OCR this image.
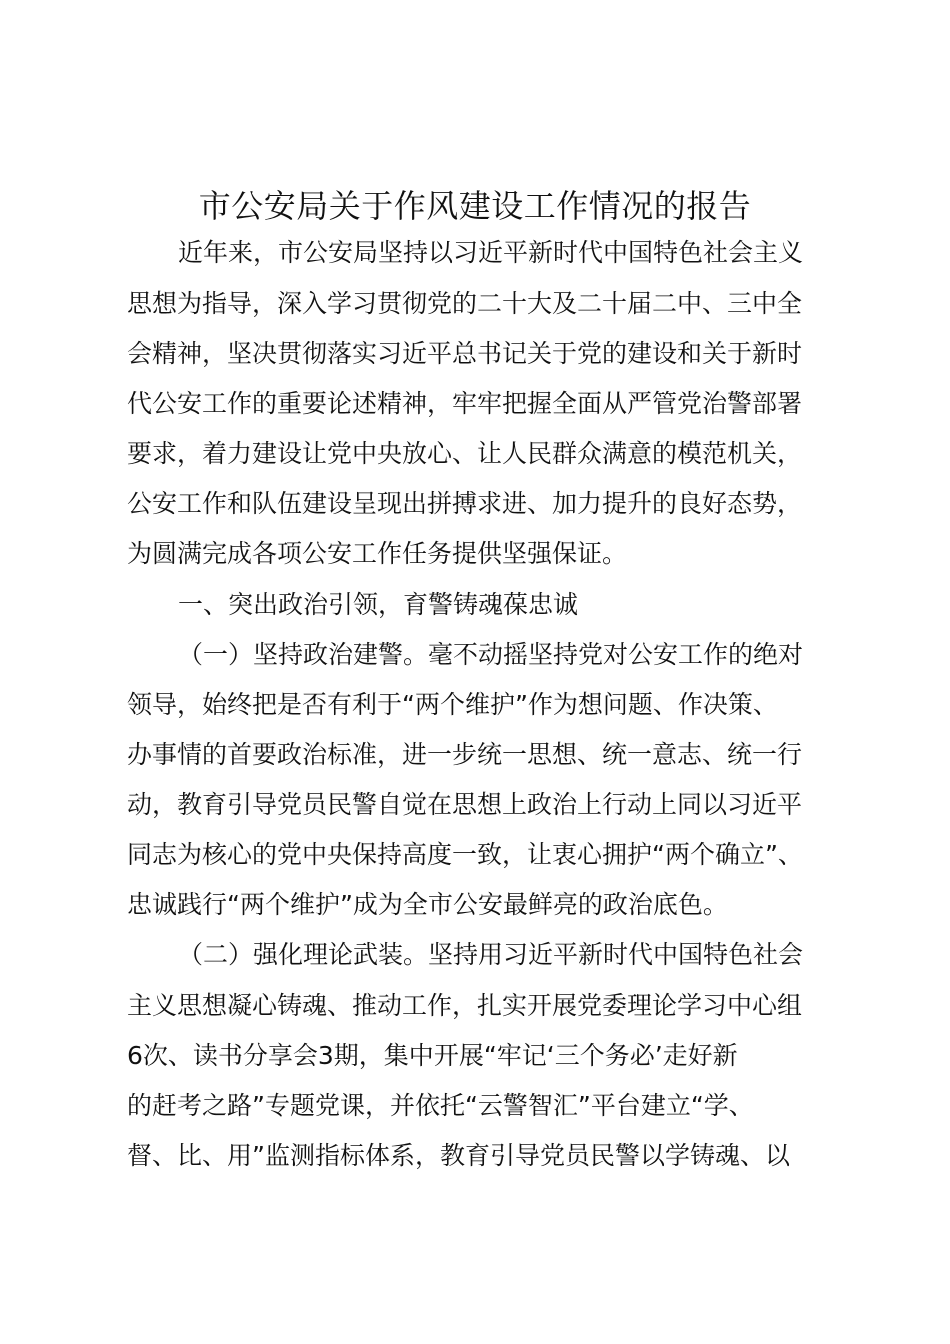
市公安局关于作风建设工作情况的报告
近年来，市公安局坚持以习近平新时代中国特色社会主义
思想为指导，深入学习贯彻党的二十大及二十届二中、三中全
会精神，坚决贯彻落实习近平总书记关于党的建设和关于新时
代公安工作的重要论述精神，牢牢把握全面从严管党治警部署
要求，着力建设让党中央放心、让人民群众满意的模范机关，
公安工作和队伍建设呈现出拼搏求进、加力提升的良好态势，
为圆满完成各项公安工作任务提供坚强保证。
一、突出政治引领，育警铸魂葆忠诚
（一）坚持政治建警。毫不动摇坚持党对公安工作的绝对
领导，始终把是否有利于“两个维护”作为想问题、作决策、
办事情的首要政治标准，进一步统一思想、统一意志、统一行
动，教育引导党员民警自觉在思想上政治上行动上同以习近平
同志为核心的党中央保持高度一致，让衷心拥护“两个确立”、
忠诚践行“两个维护”成为全市公安最鲜亮的政治底色。
（二）强化理论武装。坚持用习近平新时代中国特色社会
主义思想凝心铸魂、推动工作，扎实开展党委理论学习中心组
6次、读书分享会3期，集中开展“牢记‘三个务必’走好新
的赶考之路”专题党课，并依托“云警智汇”平台建立“学、
督、比、用”监测指标体系，教育引导党员民警以学铸魂、以
